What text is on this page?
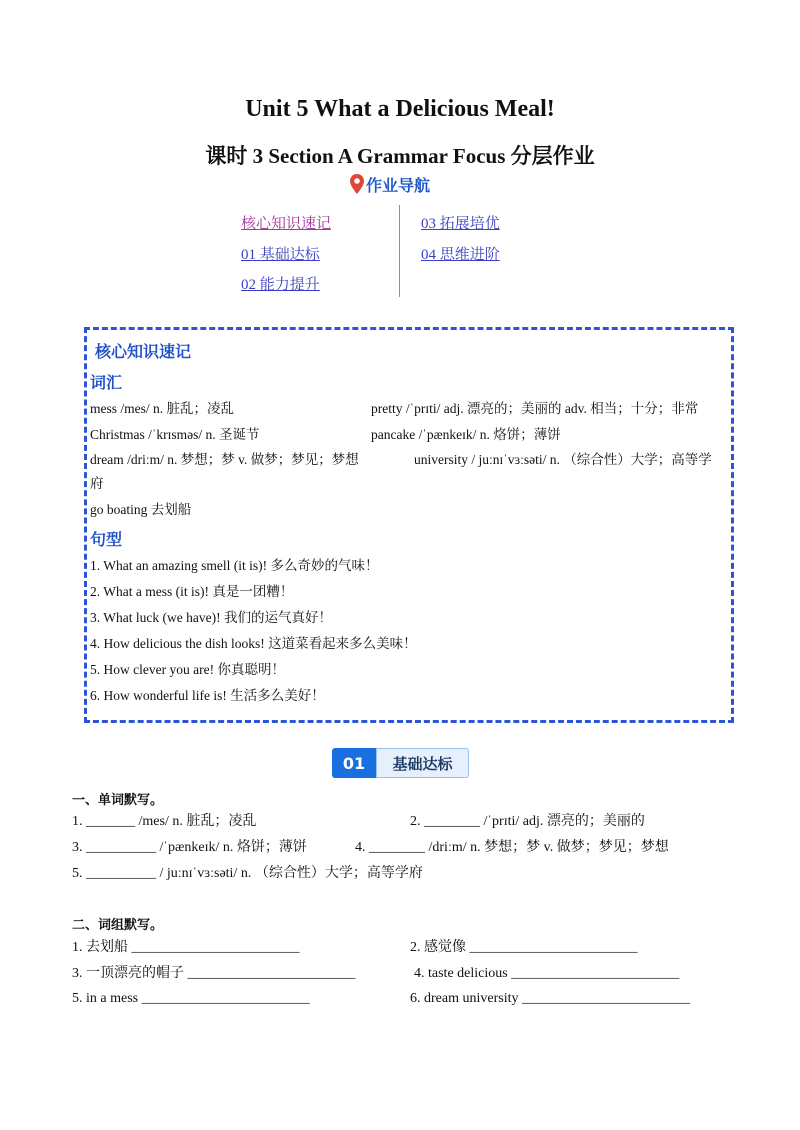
Unit 5 What a Delicious Meal!
课时 3 Section A Grammar Focus 分层作业
作业导航
核心知识速记
01 基础达标
02 能力提升
03 拓展培优
04 思维进阶
核心知识速记
词汇
mess /mes/ n. 脏乱；凌乱	pretty /ˈprɪti/ adj. 漂亮的；美丽的 adv. 相当；十分；非常
Christmas /ˈkrɪsməs/ n. 圣诞节	pancake /ˈpænkeɪk/ n. 烙饼；薄饼
dream /driːm/ n. 梦想；梦 v. 做梦；梦见；梦想	university / juːnɪˈvɜːsəti/ n. （综合性）大学；高等学
府
go boating 去划船
句型
1. What an amazing smell (it is)! 多么奇妙的气味！
2. What a mess (it is)! 真是一团糟！
3. What luck (we have)! 我们的运气真好！
4. How delicious the dish looks! 这道菜看起来多么美味！
5. How clever you are! 你真聪明！
6. How wonderful life is! 生活多么美好！
01	基础达标
一、单词默写。
1. _______ /mes/ n. 脏乱；凌乱	2. ________ /ˈprɪti/ adj. 漂亮的；美丽的
3. __________ /ˈpænkeɪk/ n. 烙饼；薄饼	4. ________ /driːm/ n. 梦想；梦 v. 做梦；梦见；梦想
5. __________ / juːnɪˈvɜːsəti/ n. （综合性）大学；高等学府
二、词组默写。
1. 去划船 ________________________	2. 感觉像 ________________________
3. 一顶漂亮的帽子 ________________________	4. taste delicious ________________________
5. in a mess ________________________	6. dream university ________________________
